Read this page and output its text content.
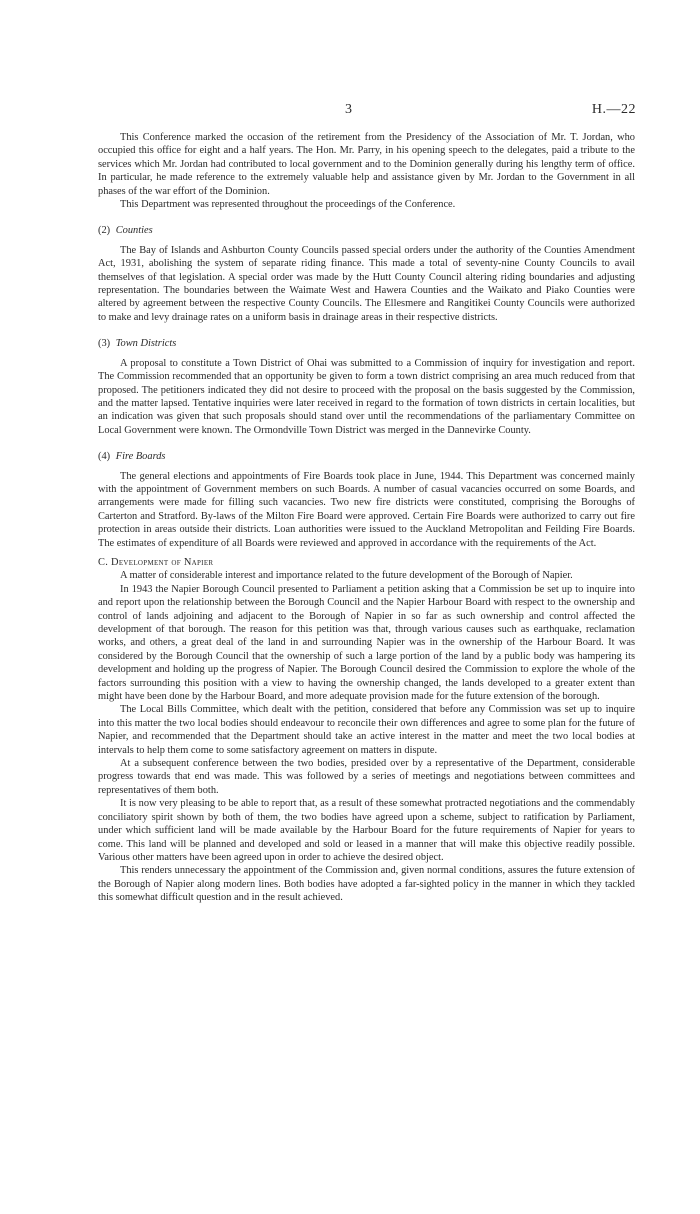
3	H.—22

This Conference marked the occasion of the retirement from the Presidency of the Association of Mr. T. Jordan, who occupied this office for eight and a half years. The Hon. Mr. Parry, in his opening speech to the delegates, paid a tribute to the services which Mr. Jordan had contributed to local government and to the Dominion generally during his lengthy term of office. In particular, he made reference to the extremely valuable help and assistance given by Mr. Jordan to the Government in all phases of the war effort of the Dominion.

This Department was represented throughout the proceedings of the Conference.

(2) Counties

The Bay of Islands and Ashburton County Councils passed special orders under the authority of the Counties Amendment Act, 1931, abolishing the system of separate riding finance. This made a total of seventy-nine County Councils to avail themselves of that legislation. A special order was made by the Hutt County Council altering riding boundaries and adjusting representation. The boundaries between the Waimate West and Hawera Counties and the Waikato and Piako Counties were altered by agreement between the respective County Councils. The Ellesmere and Rangitikei County Councils were authorized to make and levy drainage rates on a uniform basis in drainage areas in their respective districts.

(3) Town Districts

A proposal to constitute a Town District of Ohai was submitted to a Commission of inquiry for investigation and report. The Commission recommended that an opportunity be given to form a town district comprising an area much reduced from that proposed. The petitioners indicated they did not desire to proceed with the proposal on the basis suggested by the Commission, and the matter lapsed. Tentative inquiries were later received in regard to the formation of town districts in certain localities, but an indication was given that such proposals should stand over until the recommendations of the parliamentary Committee on Local Government were known. The Ormondville Town District was merged in the Dannevirke County.

(4) Fire Boards

The general elections and appointments of Fire Boards took place in June, 1944. This Department was concerned mainly with the appointment of Government members on such Boards. A number of casual vacancies occurred on some Boards, and arrangements were made for filling such vacancies. Two new fire districts were constituted, comprising the Boroughs of Carterton and Stratford. By-laws of the Milton Fire Board were approved. Certain Fire Boards were authorized to carry out fire protection in areas outside their districts. Loan authorities were issued to the Auckland Metropolitan and Feilding Fire Boards. The estimates of expenditure of all Boards were reviewed and approved in accordance with the requirements of the Act.

C. Development of Napier

A matter of considerable interest and importance related to the future development of the Borough of Napier.

In 1943 the Napier Borough Council presented to Parliament a petition asking that a Commission be set up to inquire into and report upon the relationship between the Borough Council and the Napier Harbour Board with respect to the ownership and control of lands adjoining and adjacent to the Borough of Napier in so far as such ownership and control affected the development of that borough. The reason for this petition was that, through various causes such as earthquake, reclamation works, and others, a great deal of the land in and surrounding Napier was in the ownership of the Harbour Board. It was considered by the Borough Council that the ownership of such a large portion of the land by a public body was hampering its development and holding up the progress of Napier. The Borough Council desired the Commission to explore the whole of the factors surrounding this position with a view to having the ownership changed, the lands developed to a greater extent than might have been done by the Harbour Board, and more adequate provision made for the future extension of the borough.

The Local Bills Committee, which dealt with the petition, considered that before any Commission was set up to inquire into this matter the two local bodies should endeavour to reconcile their own differences and agree to some plan for the future of Napier, and recommended that the Department should take an active interest in the matter and meet the two local bodies at intervals to help them come to some satisfactory agreement on matters in dispute.

At a subsequent conference between the two bodies, presided over by a representative of the Department, considerable progress towards that end was made. This was followed by a series of meetings and negotiations between committees and representatives of them both.

It is now very pleasing to be able to report that, as a result of these somewhat protracted negotiations and the commendably conciliatory spirit shown by both of them, the two bodies have agreed upon a scheme, subject to ratification by Parliament, under which sufficient land will be made available by the Harbour Board for the future requirements of Napier for years to come. This land will be planned and developed and sold or leased in a manner that will make this objective readily possible. Various other matters have been agreed upon in order to achieve the desired object.

This renders unnecessary the appointment of the Commission and, given normal conditions, assures the future extension of the Borough of Napier along modern lines. Both bodies have adopted a far-sighted policy in the manner in which they tackled this somewhat difficult question and in the result achieved.
